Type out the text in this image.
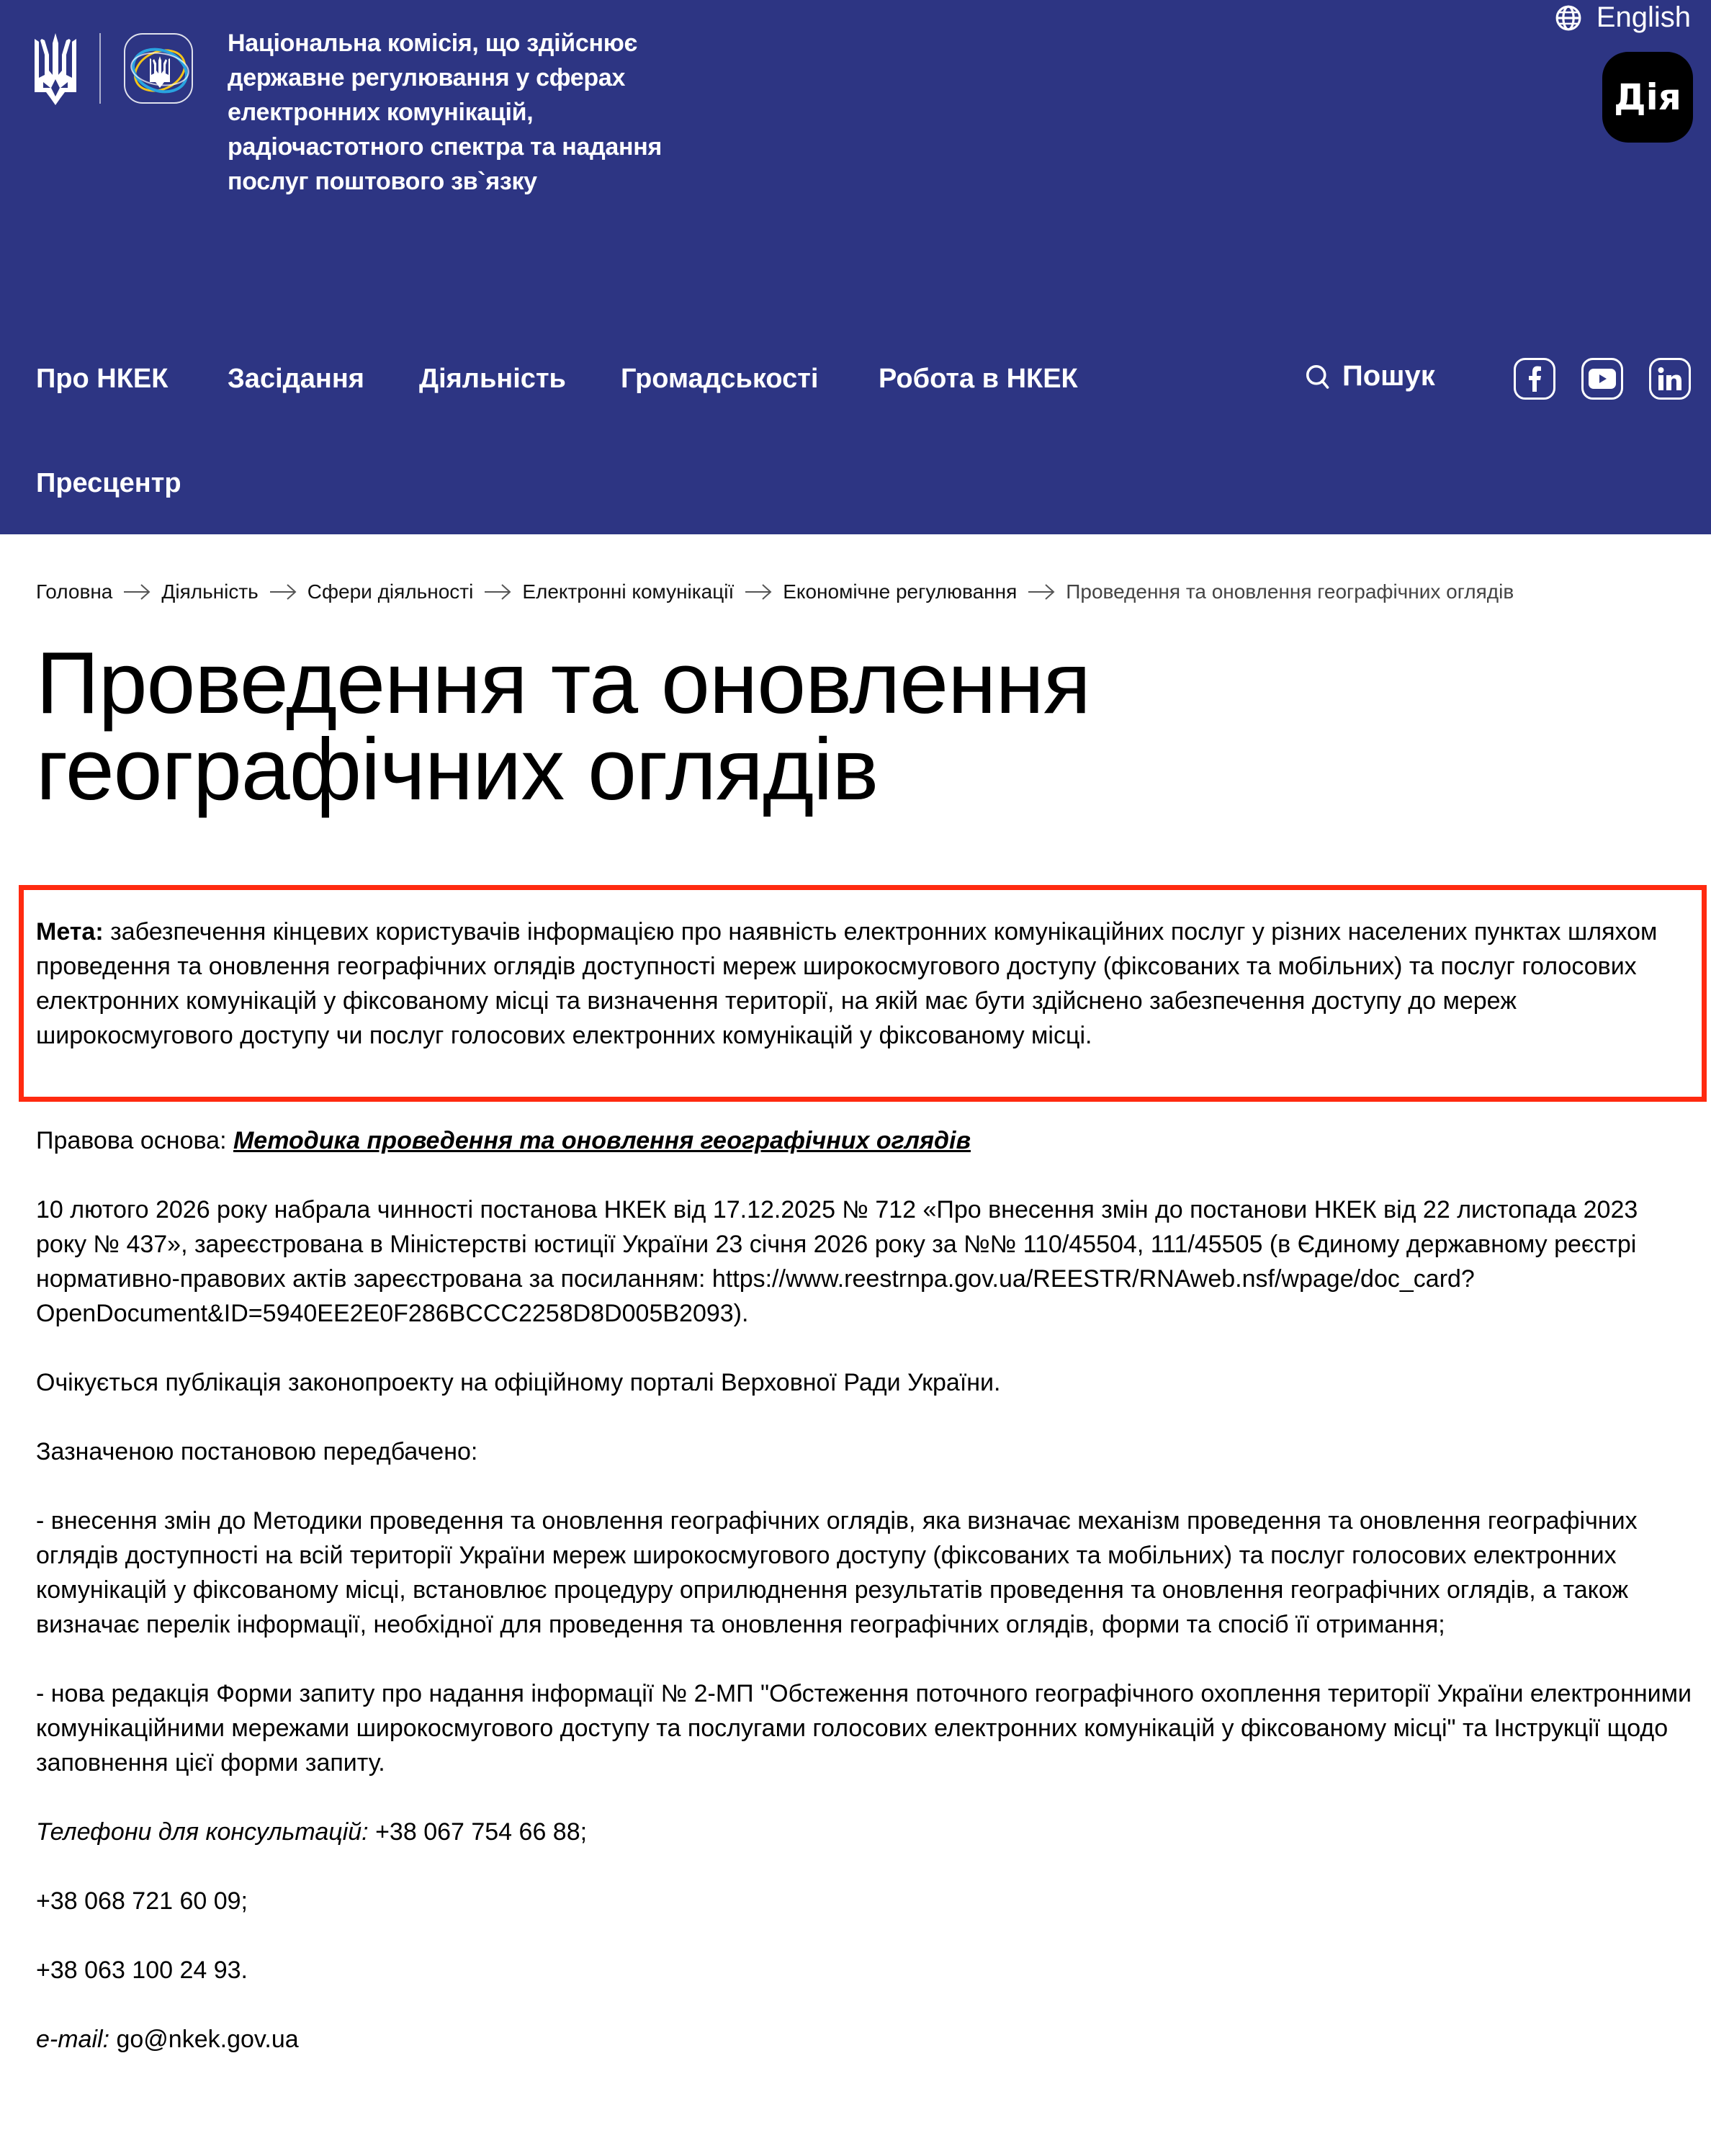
Національна комісія, що здійснює
державне регулювання у сферах
електронних комунікацій,
радіочастотного спектра та надання
послуг поштового зв`язку
English
Дія
Про НКЕК Засідання Діяльність Громадськості Робота в НКЕК
Пресцентр
Пошук
Головна Діяльність Сфери діяльності Електронні комунікації Економічне регулювання Проведення та оновлення географічних оглядів
Проведення та оновлення
географічних оглядів

Мета: забезпечення кінцевих користувачів інформацією про наявність електронних комунікаційних послуг у різних населених пунктах шляхом проведення та оновлення географічних оглядів доступності мереж широкосмугового доступу (фіксованих та мобільних) та послуг голосових електронних комунікацій у фіксованому місці та визначення території, на якій має бути здійснено забезпечення доступу до мереж широкосмугового доступу чи послуг голосових електронних комунікацій у фіксованому місці.

Правова основа: Методика проведення та оновлення географічних оглядів

10 лютого 2026 року набрала чинності постанова НКЕК від 17.12.2025 № 712 «Про внесення змін до постанови НКЕК від 22 листопада 2023 року № 437», зареєстрована в Міністерстві юстиції України 23 січня 2026 року за №№ 110/45504, 111/45505 (в Єдиному державному реєстрі нормативно-правових актів зареєстрована за посиланням: https://www.reestrnpa.gov.ua/REESTR/RNAweb.nsf/wpage/doc_card?OpenDocument&ID=5940EE2E0F286BCCC2258D8D005B2093).

Очікується публікація законопроекту на офіційному порталі Верховної Ради України.

Зазначеною постановою передбачено:

- внесення змін до Методики проведення та оновлення географічних оглядів, яка визначає механізм проведення та оновлення географічних оглядів доступності на всій території України мереж широкосмугового доступу (фіксованих та мобільних) та послуг голосових електронних комунікацій у фіксованому місці, встановлює процедуру оприлюднення результатів проведення та оновлення географічних оглядів, а також визначає перелік інформації, необхідної для проведення та оновлення географічних оглядів, форми та спосіб її отримання;

- нова редакція Форми запиту про надання інформації № 2-МП "Обстеження поточного географічного охоплення території України електронними комунікаційними мережами широкосмугового доступу та послугами голосових електронних комунікацій у фіксованому місці" та Інструкції щодо заповнення цієї форми запиту.

Телефони для консультацій: +38 067 754 66 88;

+38 068 721 60 09;

+38 063 100 24 93.

e-mail: go@nkek.gov.ua
